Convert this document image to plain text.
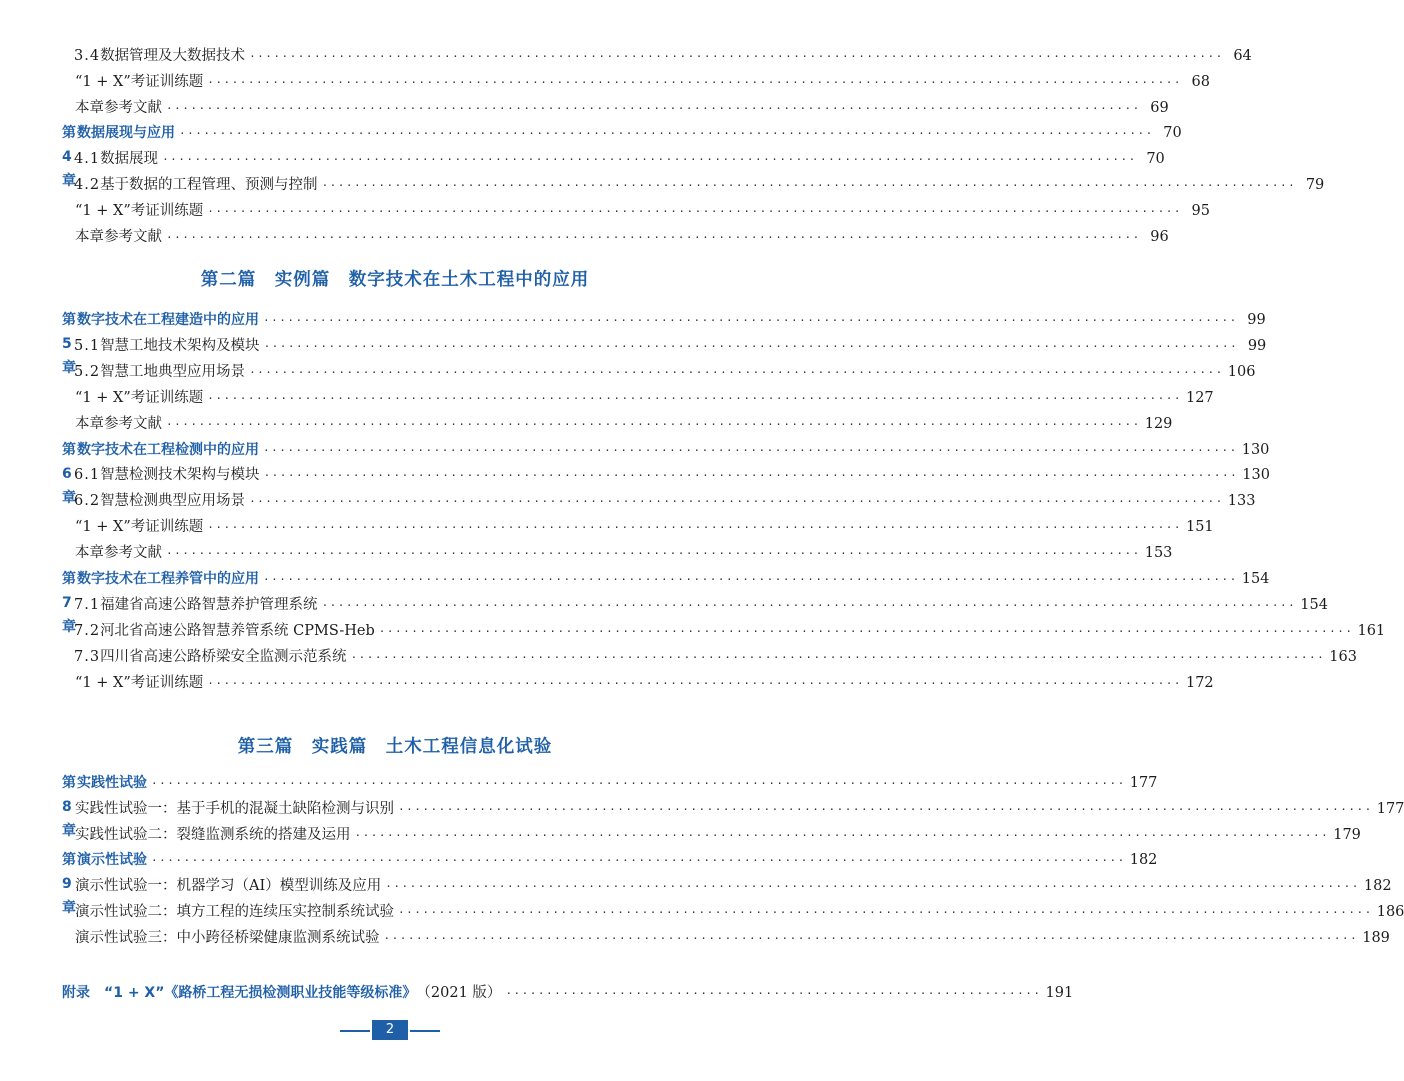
3.4 数据管理及大数据技术 ························································································································ 64
“1 + X”考证训练题 ························································································································ 68
本章参考文献 ························································································································ 69
第 4 章
数据展现与应用 ························································································································ 70
4.1 数据展现 ························································································································ 70
4.2 基于数据的工程管理、预测与控制 ························································································································ 79
“1 + X”考证训练题 ························································································································ 95
本章参考文献 ························································································································ 96
第二篇　实例篇　数字技术在土木工程中的应用
第 5 章
数字技术在工程建造中的应用 ························································································································ 99
5.1 智慧工地技术架构及模块 ························································································································ 99
5.2 智慧工地典型应用场景 ························································································································ 106
“1 + X”考证训练题 ························································································································ 127
本章参考文献 ························································································································ 129
第 6 章
数字技术在工程检测中的应用 ························································································································ 130
6.1 智慧检测技术架构与模块 ························································································································ 130
6.2 智慧检测典型应用场景 ························································································································ 133
“1 + X”考证训练题 ························································································································ 151
本章参考文献 ························································································································ 153
第 7 章
数字技术在工程养管中的应用 ························································································································ 154
7.1 福建省高速公路智慧养护管理系统 ························································································································ 154
7.2 河北省高速公路智慧养管系统 CPMS-Heb ························································································································ 161
7.3 四川省高速公路桥梁安全监测示范系统 ························································································································ 163
“1 + X”考证训练题 ························································································································ 172
第三篇　实践篇　土木工程信息化试验
第 8 章
实践性试验 ························································································································ 177
实践性试验一：基于手机的混凝土缺陷检测与识别 ························································································································ 177
实践性试验二：裂缝监测系统的搭建及运用 ························································································································ 179
第 9 章
演示性试验 ························································································································ 182
演示性试验一：机器学习（AI）模型训练及应用 ························································································································ 182
演示性试验二：填方工程的连续压实控制系统试验 ························································································································ 186
演示性试验三：中小跨径桥梁健康监测系统试验 ························································································································ 189
附录　“1 + X”《路桥工程无损检测职业技能等级标准》 （2021 版） ·································································· 191
2
